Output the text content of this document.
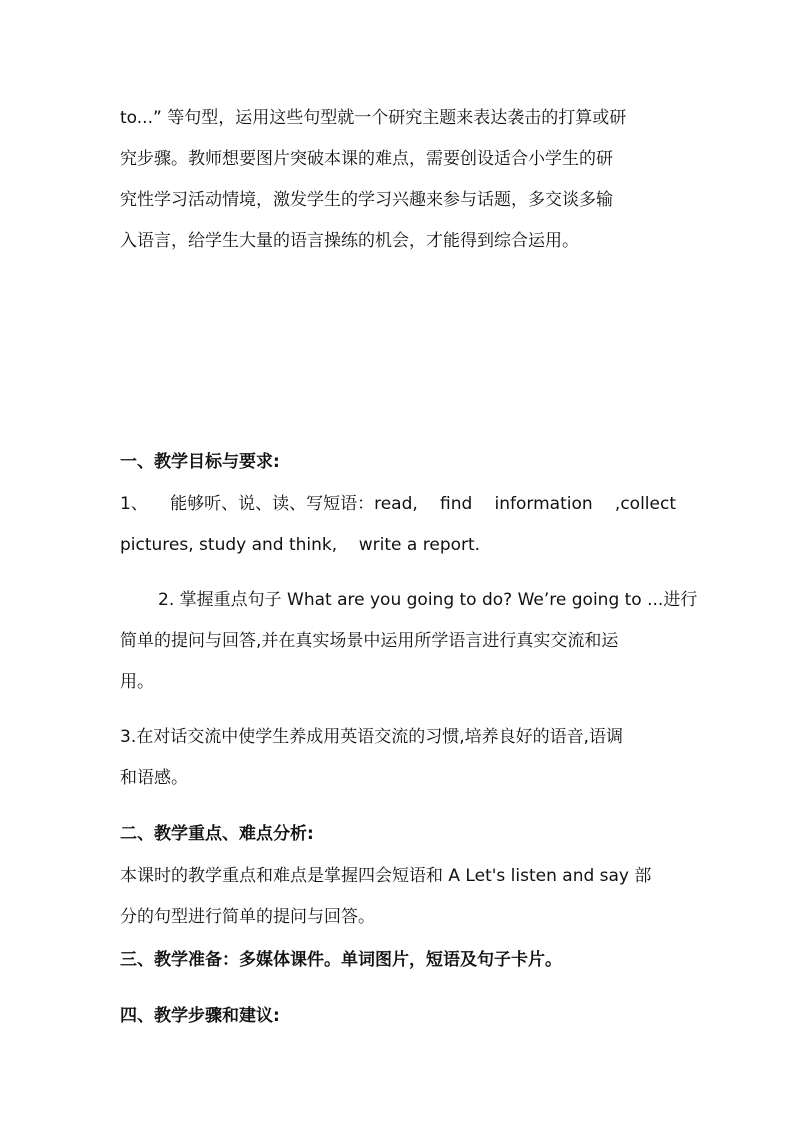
to...” 等句型，运用这些句型就一个研究主题来表达袭击的打算或研
究步骤。教师想要图片突破本课的难点，需要创设适合小学生的研
究性学习活动情境，激发学生的学习兴趣来参与话题，多交谈多输
入语言，给学生大量的语言操练的机会，才能得到综合运用。
一、教学目标与要求:
1、 能够听、说、读、写短语：read, find information ,collect
pictures, study and think,    write a report.
2. 掌握重点句子 What are you going to do? We’re going to ...进行
简单的提问与回答,并在真实场景中运用所学语言进行真实交流和运
用。
3.在对话交流中使学生养成用英语交流的习惯,培养良好的语音,语调
和语感。
二、教学重点、难点分析:
本课时的教学重点和难点是掌握四会短语和 A Let's listen and say 部
分的句型进行简单的提问与回答。
三、教学准备：多媒体课件。单词图片，短语及句子卡片。
四、教学步骤和建议:
